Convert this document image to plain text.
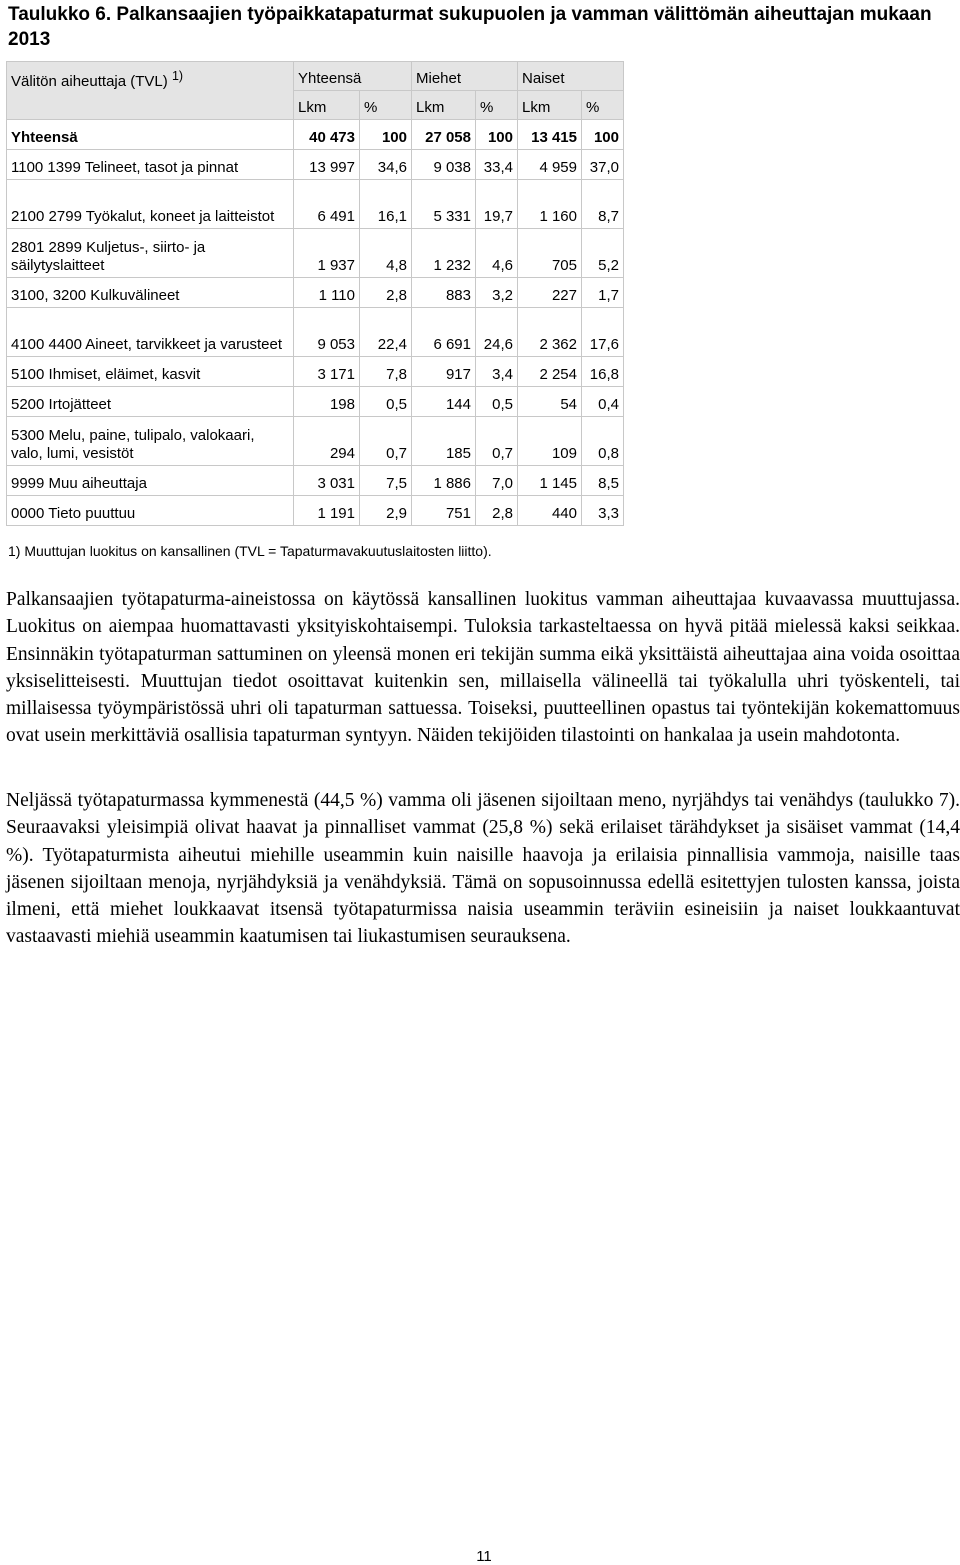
Taulukko 6. Palkansaajien työpaikkatapaturmat sukupuolen ja vamman välittömän aiheuttajan mukaan 2013
Välitön aiheuttaja (TVL) $^{1)}$	Yhteensä		Miehet		Naiset	
	Lkm	%	Lkm	%	Lkm	%
Yhteensä	40 473	100	27 058	100	13 415	100
1100 1399 Telineet, tasot ja pinnat	13 997	34,6	9 038	33,4	4 959	37,0
2100 2799 Työkalut, koneet ja laitteistot	6 491	16,1	5 331	19,7	1 160	8,7
2801 2899 Kuljetus-, siirto- ja säilytyslaitteet	1 937	4,8	1 232	4,6	705	5,2
3100, 3200 Kulkuvälineet	1 110	2,8	883	3,2	227	1,7
4100 4400 Aineet, tarvikkeet ja varusteet	9 053	22,4	6 691	24,6	2 362	17,6
5100 Ihmiset, eläimet, kasvit	3 171	7,8	917	3,4	2 254	16,8
5200 Irtojätteet	198	0,5	144	0,5	54	0,4
5300 Melu, paine, tulipalo, valokaari, valo, lumi, vesistöt	294	0,7	185	0,7	109	0,8
9999 Muu aiheuttaja	3 031	7,5	1 886	7,0	1 145	8,5
0000 Tieto puuttuu	1 191	2,9	751	2,8	440	3,3

1) Muuttujan luokitus on kansallinen (TVL = Tapaturmavakuutuslaitosten liitto).

Palkansaajien työtapaturma-aineistossa on käytössä kansallinen luokitus vamman aiheuttajaa kuvaavassa muuttujassa. Luokitus on aiempaa huomattavasti yksityiskohtaisempi. Tuloksia tarkasteltaessa on hyvä pitää mielessä kaksi seikkaa. Ensinnäkin työtapaturman sattuminen on yleensä monen eri tekijän summa eikä yksittäistä aiheuttajaa aina voida osoittaa yksiselitteisesti. Muuttujan tiedot osoittavat kuitenkin sen, millaisella välineellä tai työkalulla uhri työskenteli, tai millaisessa työympäristössä uhri oli tapaturman sattuessa. Toiseksi, puutteellinen opastus tai työntekijän kokemattomuus ovat usein merkittäviä osallisia tapaturman syntyyn. Näiden tekijöiden tilastointi on hankalaa ja usein mahdotonta.

Neljässä työtapaturmassa kymmenestä (44,5 %) vamma oli jäsenen sijoiltaan meno, nyrjähdys tai venähdys (taulukko 7). Seuraavaksi yleisimpiä olivat haavat ja pinnalliset vammat (25,8 %) sekä erilaiset tärähdykset ja sisäiset vammat (14,4 %). Työtapaturmista aiheutui miehille useammin kuin naisille haavoja ja erilaisia pinnallisia vammoja, naisille taas jäsenen sijoiltaan menoja, nyrjähdyksiä ja venähdyksiä. Tämä on sopusoinnussa edellä esitettyjen tulosten kanssa, joista ilmeni, että miehet loukkaavat itsensä työtapaturmissa naisia useammin teräviin esineisiin ja naiset loukkaantuvat vastaavasti miehiä useammin kaatumisen tai liukastumisen seurauksena.

11
